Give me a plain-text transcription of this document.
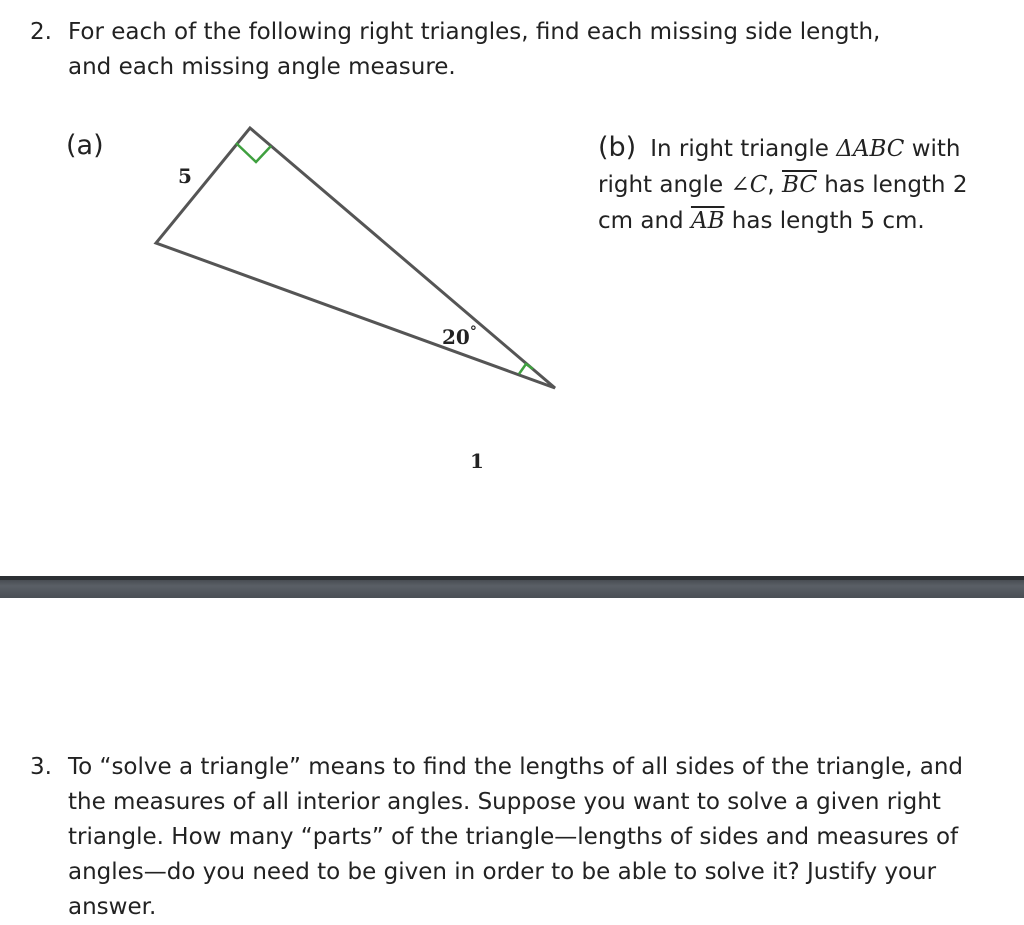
2. For each of the following right triangles, find each missing side length, and each missing angle measure.
(a)
5
20°
1
(b) In right triangle ΔABC with right angle ∠C, $\overline{BC}$ has length 2 cm and $\overline{AB}$ has length 5 cm.
3. To “solve a triangle” means to find the lengths of all sides of the triangle, and the measures of all interior angles. Suppose you want to solve a given right triangle. How many “parts” of the triangle—lengths of sides and measures of angles—do you need to be given in order to be able to solve it? Justify your answer.
